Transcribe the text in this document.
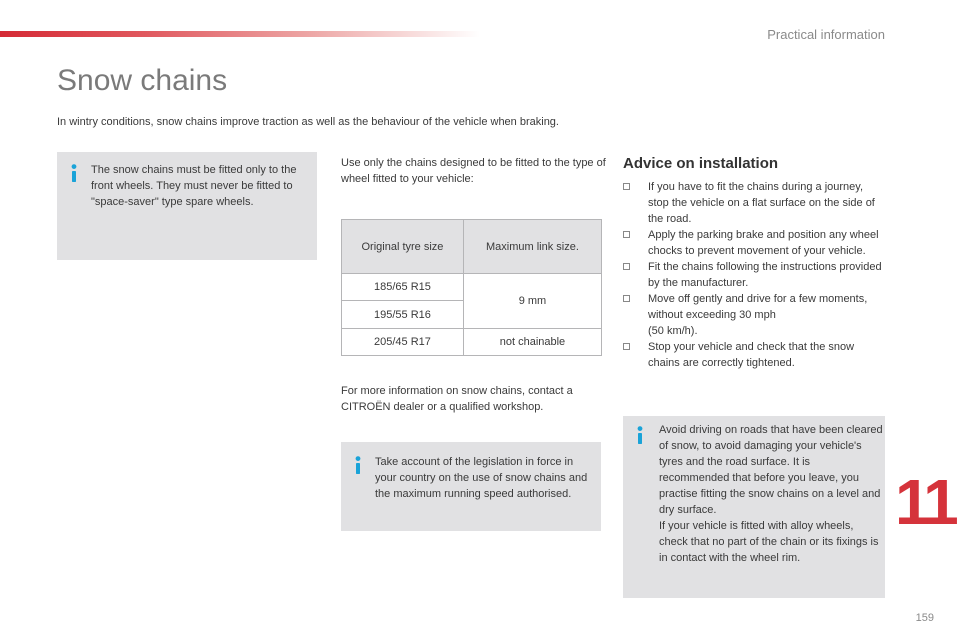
Practical information
Snow chains

In wintry conditions, snow chains improve traction as well as the behaviour of the vehicle when braking.

The snow chains must be fitted only to the front wheels. They must never be fitted to "space-saver" type spare wheels.

Use only the chains designed to be fitted to the type of wheel fitted to your vehicle:

Original tyre size	Maximum link size.
185/65 R15	9 mm
195/55 R16	
205/45 R17	not chainable

For more information on snow chains, contact a CITROËN dealer or a qualified workshop.

Take account of the legislation in force in your country on the use of snow chains and the maximum running speed authorised.

Advice on installation
If you have to fit the chains during a journey, stop the vehicle on a flat surface on the side of the road.
Apply the parking brake and position any wheel chocks to prevent movement of your vehicle.
Fit the chains following the instructions provided by the manufacturer.
Move off gently and drive for a few moments, without exceeding 30 mph
(50 km/h).
Stop your vehicle and check that the snow chains are correctly tightened.

Avoid driving on roads that have been cleared of snow, to avoid damaging your vehicle's tyres and the road surface. It is recommended that before you leave, you practise fitting the snow chains on a level and dry surface.
If your vehicle is fitted with alloy wheels, check that no part of the chain or its fixings is in contact with the wheel rim.

11
159
